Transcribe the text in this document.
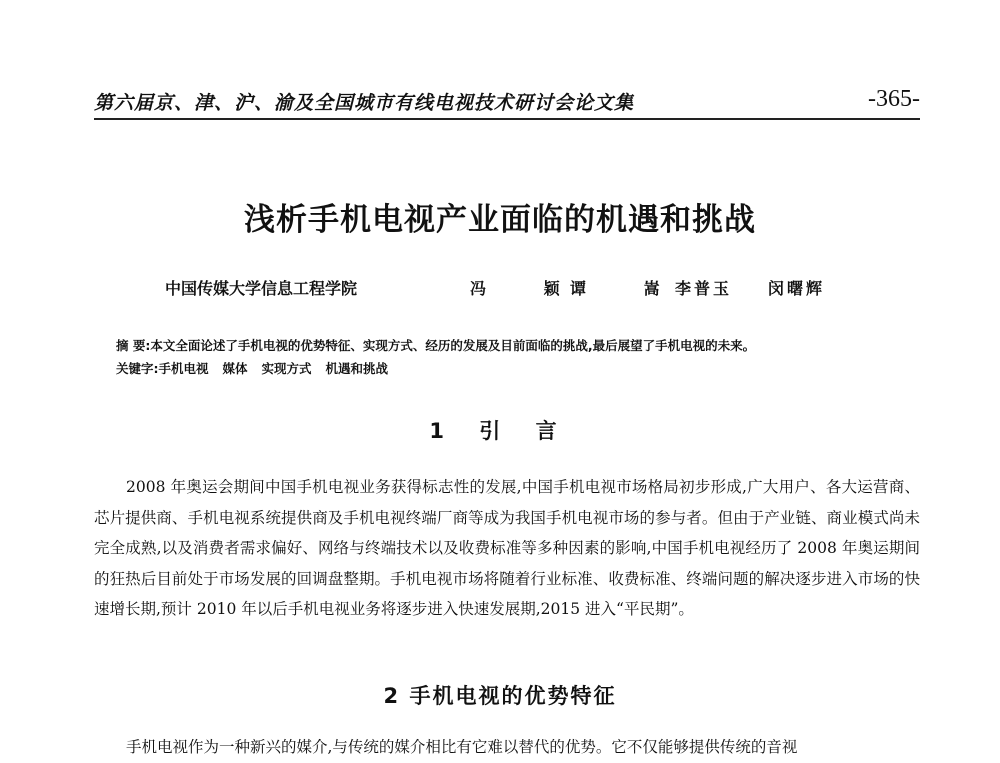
第六届京、津、沪、渝及全国城市有线电视技术研讨会论文集	-365-
浅析手机电视产业面临的机遇和挑战
中国传媒大学信息工程学院	冯 颖
谭 嵩
李普玉 闵曙辉
摘 要:本文全面论述了手机电视的优势特征、实现方式、经历的发展及目前面临的挑战,最后展望了手机电视的未来。
关键字:手机电视 媒体 实现方式 机遇和挑战
1 引 言
2008 年奥运会期间中国手机电视业务获得标志性的发展,中国手机电视市场格局初步形成,广大用户、各大运营商、芯片提供商、手机电视系统提供商及手机电视终端厂商等成为我国手机电视市场的参与者。但由于产业链、商业模式尚未完全成熟,以及消费者需求偏好、网络与终端技术以及收费标准等多种因素的影响,中国手机电视经历了 2008 年奥运期间的狂热后目前处于市场发展的回调盘整期。手机电视市场将随着行业标准、收费标准、终端问题的解决逐步进入市场的快速增长期,预计 2010 年以后手机电视业务将逐步进入快速发展期,2015 进入“平民期”。
2 手机电视的优势特征
手机电视作为一种新兴的媒介,与传统的媒介相比有它难以替代的优势。它不仅能够提供传统的音视
